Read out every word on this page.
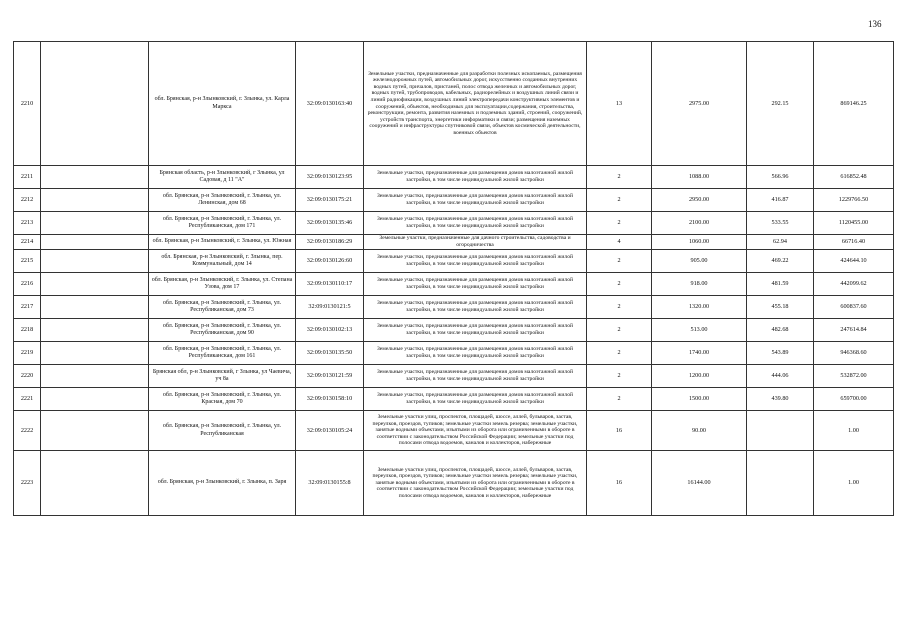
136
2210		обл. Брянская, р-н Злынковский, г. Злынка, ул. Карла Маркса	32:09:0130163:40	Земельные участки, предназначенные для разработки полезных ископаемых, размещения железнодорожных путей, автомобильных дорог, искусственно созданных внутренних водных путей, причалов, пристаней, полос отвода железных и автомобильных дорог, водных путей, трубопроводов, кабельных, радиорелейных и воздушных линий связи и линий радиофикации, воздушных линий электропередачи конструктивных элементов и сооружений, объектов, необходимых для эксплуатации,содержания, строительства, реконструкции, ремонта, развития наземных и подземных зданий, строений, сооружений, устройств транспорта, энергетики информатики и связи; размещения наземных сооружений и инфраструктуры спутниковой связи, объектов космической деятельности, военных объектов	13	2975.00	292.15	869146.25
2211		Брянская область, р-н Злынковский, г Злынка, ул Садовая, д 11 "А"	32:09:0130123:95	Земельные участки, предназначенные для размещения домов малоэтажной жилой застройки, в том числе индивидуальной жилой застройки	2	1088.00	566.96	616852.48
2212		обл. Брянская, р-н Злынковский, г. Злынка, ул. Ленинская, дом 68	32:09:0130175:21	Земельные участки, предназначенные для размещения домов малоэтажной жилой застройки, в том числе индивидуальной жилой застройки	2	2950.00	416.87	1229766.50
2213		обл. Брянская, р-н Злынковский, г. Злынка, ул. Республиканская, дом 171	32:09:0130135:46	Земельные участки, предназначенные для размещения домов малоэтажной жилой застройки, в том числе индивидуальной жилой застройки	2	2100.00	533.55	1120455.00
2214		обл. Брянская, р-н Злынковский, г. Злынка, ул. Южная	32:09:0130186:29	Земельные участки, предназначенные для дачного строительства, садоводства и огородничества	4	1060.00	62.94	66716.40
2215		обл. Брянская, р-н Злынковский, г. Злынка, пер. Коммунальный, дом 14	32:09:0130126:60	Земельные участки, предназначенные для размещения домов малоэтажной жилой застройки, в том числе индивидуальной жилой застройки	2	905.00	469.22	424644.10
2216		обл. Брянская, р-н Злынковский, г. Злынка, ул. Степана Узова, дом 17	32:09:0130110:17	Земельные участки, предназначенные для размещения домов малоэтажной жилой застройки, в том числе индивидуальной жилой застройки	2	918.00	481.59	442099.62
2217		обл. Брянская, р-н Злынковский, г. Злынка, ул. Республиканская, дом 73	32:09:0130121:5	Земельные участки, предназначенные для размещения домов малоэтажной жилой застройки, в том числе индивидуальной жилой застройки	2	1320.00	455.18	600837.60
2218		обл. Брянская, р-н Злынковский, г. Злынка, ул. Республиканская, дом 90	32:09:0130102:13	Земельные участки, предназначенные для размещения домов малоэтажной жилой застройки, в том числе индивидуальной жилой застройки	2	513.00	482.68	247614.84
2219		обл. Брянская, р-н Злынковский, г. Злынка, ул. Республиканская, дом 161	32:09:0130135:50	Земельные участки, предназначенные для размещения домов малоэтажной жилой застройки, в том числе индивидуальной жилой застройки	2	1740.00	543.89	946368.60
2220		Брянская обл, р-н Злынковский, г Злынка, ул Чаевича, уч 8а	32:09:0130121:59	Земельные участки, предназначенные для размещения домов малоэтажной жилой застройки, в том числе индивидуальной жилой застройки	2	1200.00	444.06	532872.00
2221		обл. Брянская, р-н Злынковский, г. Злынка, ул. Красная, дом 70	32:09:0130158:10	Земельные участки, предназначенные для размещения домов малоэтажной жилой застройки, в том числе индивидуальной жилой застройки	2	1500.00	439.80	659700.00
2222		обл. Брянская, р-н Злынковский, г. Злынка, ул. Республиканская	32:09:0130105:24	Земельные участки улиц, проспектов, площадей, шоссе, аллей, бульваров, застав, переулков, проездов, тупиков; земельные участки земель резерва; земельные участки, занятые водными объектами, изъятыми из оборота или ограниченными в обороте в соответствии с законодательством Российской Федерации; земельные участки под полосами отвода водоемов, каналов и коллекторов, набережные	16	90.00		1.00
2223		обл. Брянская, р-н Злынковский, г. Злынка, п. Заря	32:09:0130155:8	Земельные участки улиц, проспектов, площадей, шоссе, аллей, бульваров, застав, переулков, проездов, тупиков; земельные участки земель резерва; земельные участки, занятые водными объектами, изъятыми из оборота или ограниченными в обороте в соответствии с законодательством Российской Федерации; земельные участки под полосами отвода водоемов, каналов и коллекторов, набережные	16	16144.00		1.00
